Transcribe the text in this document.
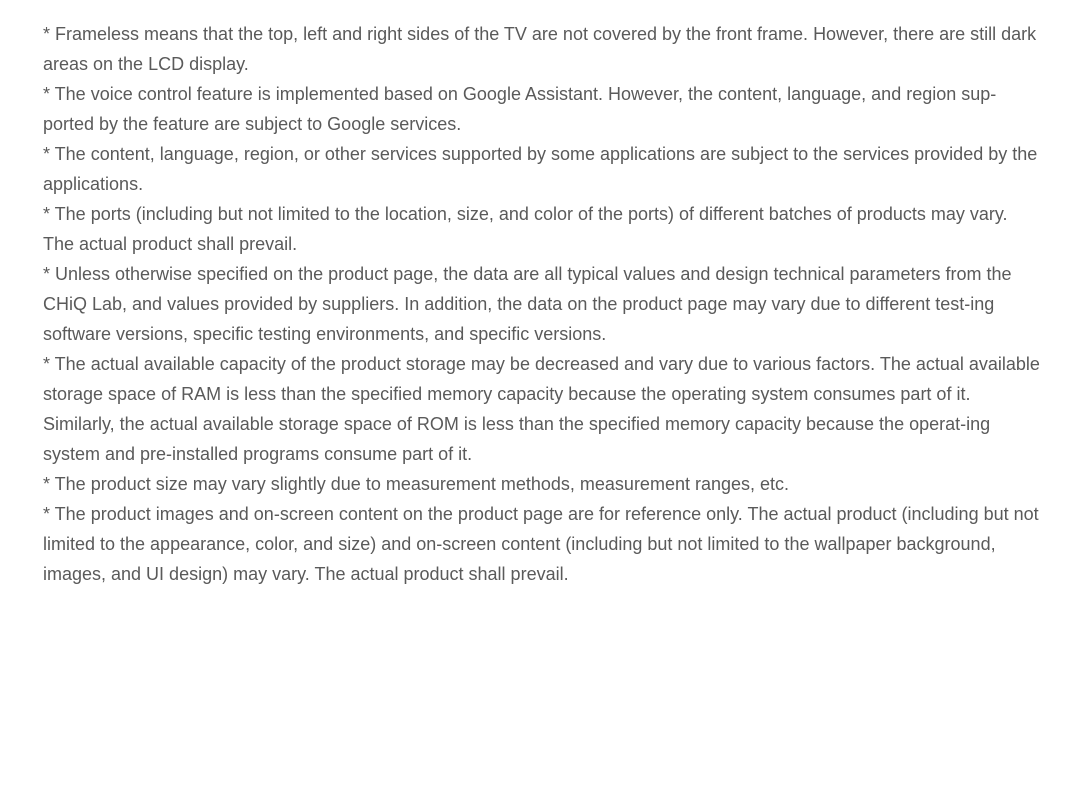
* Frameless means that the top, left and right sides of the TV are not covered by the front frame. However, there are still dark areas on the LCD display.

* The voice control feature is implemented based on Google Assistant. However, the content, language, and region sup-ported by the feature are subject to Google services.

* The content, language, region, or other services supported by some applications are subject to the services provided by the applications.

* The ports (including but not limited to the location, size, and color of the ports) of different batches of products may vary. The actual product shall prevail.

* Unless otherwise specified on the product page, the data are all typical values and design technical parameters from the CHiQ Lab, and values provided by suppliers. In addition, the data on the product page may vary due to different test-ing software versions, specific testing environments, and specific versions.

* The actual available capacity of the product storage may be decreased and vary due to various factors. The actual available storage space of RAM is less than the specified memory capacity because the operating system consumes part of it. Similarly, the actual available storage space of ROM is less than the specified memory capacity because the operat-ing system and pre-installed programs consume part of it.

* The product size may vary slightly due to measurement methods, measurement ranges, etc.

* The product images and on-screen content on the product page are for reference only. The actual product (including but not limited to the appearance, color, and size) and on-screen content (including but not limited to the wallpaper background, images, and UI design) may vary. The actual product shall prevail.
